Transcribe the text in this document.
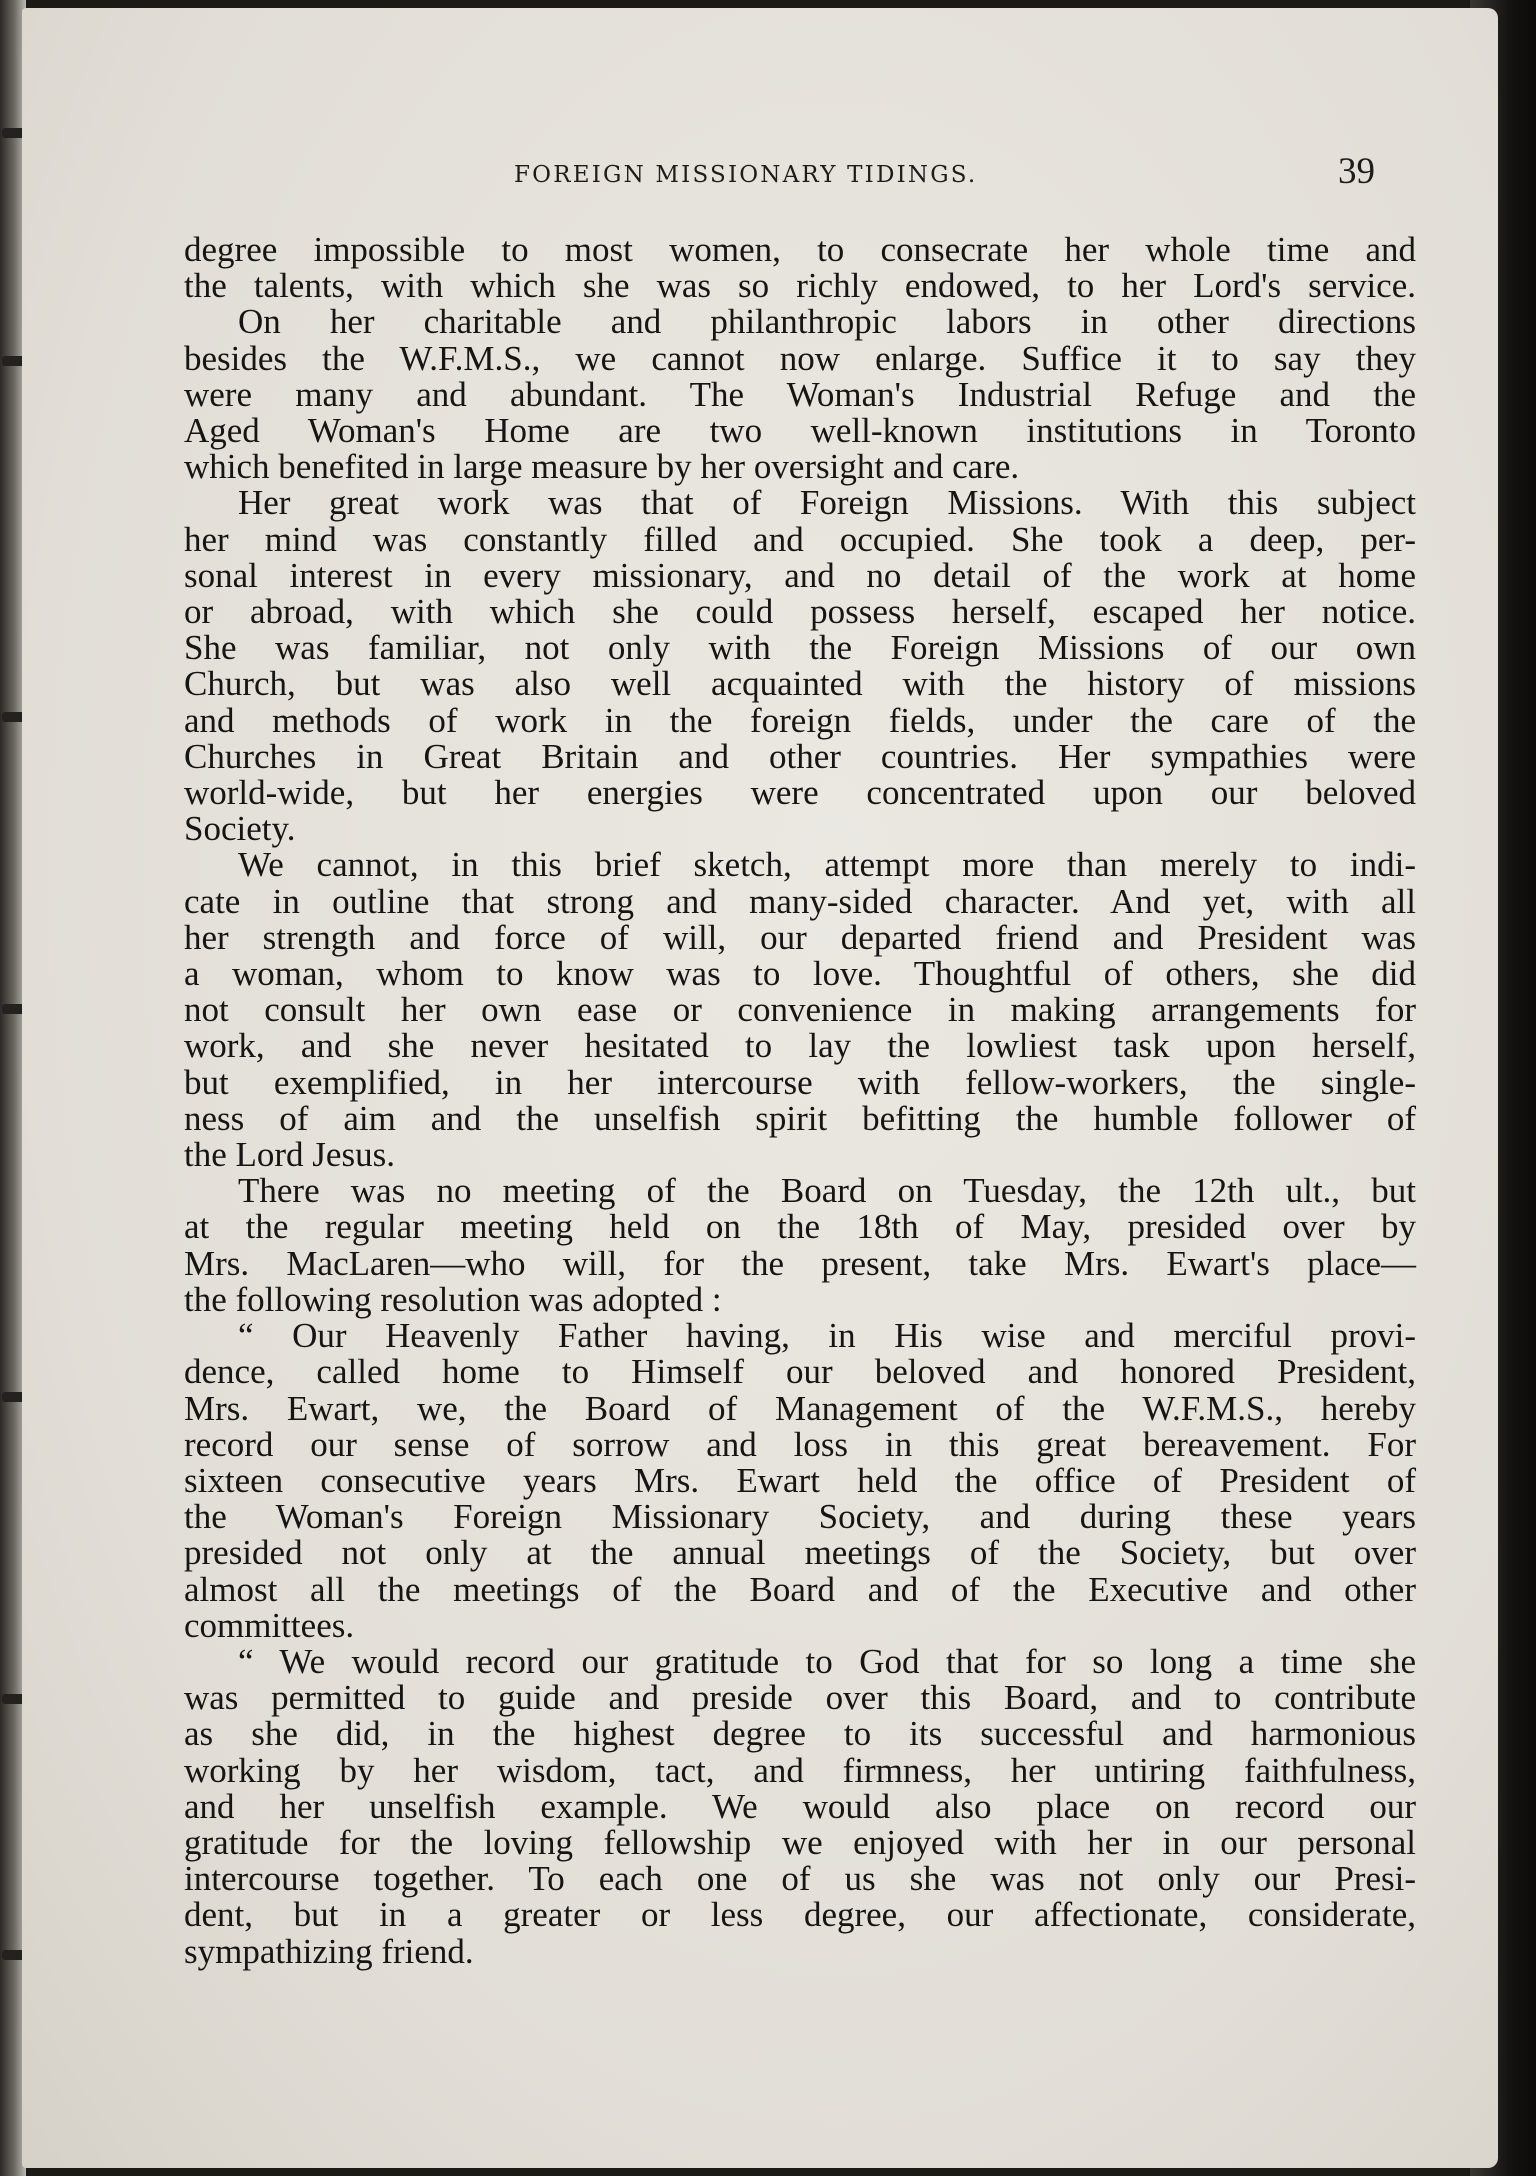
FOREIGN MISSIONARY TIDINGS.	39
degree impossible to most women, to consecrate her whole time and
the talents, with which she was so richly endowed, to her Lord's service.
On her charitable and philanthropic labors in other directions
besides the W.F.M.S., we cannot now enlarge. Suffice it to say they
were many and abundant. The Woman's Industrial Refuge and the
Aged Woman's Home are two well-known institutions in Toronto
which benefited in large measure by her oversight and care.
Her great work was that of Foreign Missions. With this subject
her mind was constantly filled and occupied. She took a deep, per-
sonal interest in every missionary, and no detail of the work at home
or abroad, with which she could possess herself, escaped her notice.
She was familiar, not only with the Foreign Missions of our own
Church, but was also well acquainted with the history of missions
and methods of work in the foreign fields, under the care of the
Churches in Great Britain and other countries. Her sympathies were
world-wide, but her energies were concentrated upon our beloved
Society.
We cannot, in this brief sketch, attempt more than merely to indi-
cate in outline that strong and many-sided character. And yet, with all
her strength and force of will, our departed friend and President was
a woman, whom to know was to love. Thoughtful of others, she did
not consult her own ease or convenience in making arrangements for
work, and she never hesitated to lay the lowliest task upon herself,
but exemplified, in her intercourse with fellow-workers, the single-
ness of aim and the unselfish spirit befitting the humble follower of
the Lord Jesus.
There was no meeting of the Board on Tuesday, the 12th ult., but
at the regular meeting held on the 18th of May, presided over by
Mrs. MacLaren—who will, for the present, take Mrs. Ewart's place—
the following resolution was adopted :
“ Our Heavenly Father having, in His wise and merciful provi-
dence, called home to Himself our beloved and honored President,
Mrs. Ewart, we, the Board of Management of the W.F.M.S., hereby
record our sense of sorrow and loss in this great bereavement. For
sixteen consecutive years Mrs. Ewart held the office of President of
the Woman's Foreign Missionary Society, and during these years
presided not only at the annual meetings of the Society, but over
almost all the meetings of the Board and of the Executive and other
committees.
“ We would record our gratitude to God that for so long a time she
was permitted to guide and preside over this Board, and to contribute
as she did, in the highest degree to its successful and harmonious
working by her wisdom, tact, and firmness, her untiring faithfulness,
and her unselfish example. We would also place on record our
gratitude for the loving fellowship we enjoyed with her in our personal
intercourse together. To each one of us she was not only our Presi-
dent, but in a greater or less degree, our affectionate, considerate,
sympathizing friend.
